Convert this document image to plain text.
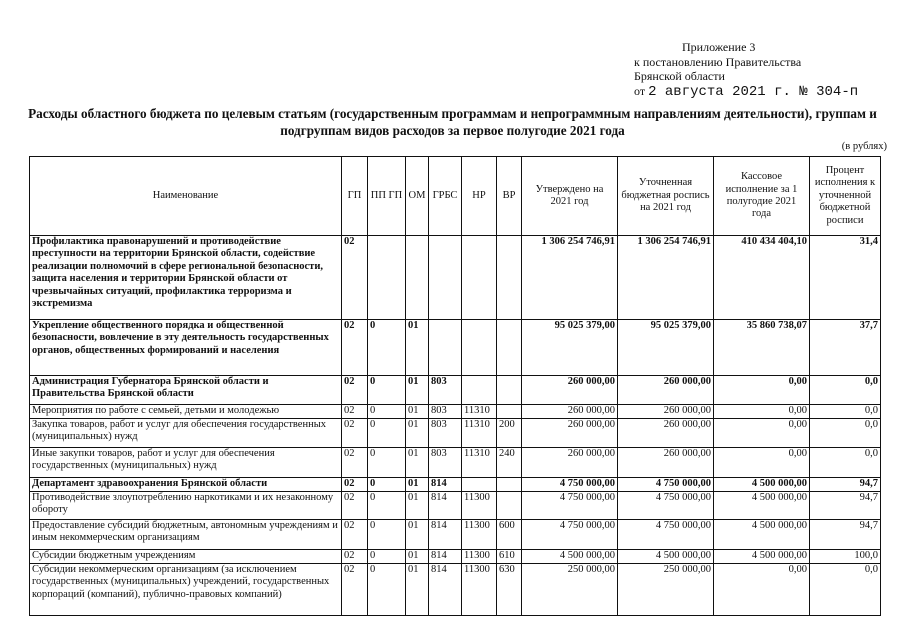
Приложение 3
к постановлению Правительства
Брянской области
от 2 августа 2021 г. № 304-п
Расходы областного бюджета по целевым статьям (государственным программам и непрограммным направлениям деятельности), группам и подгруппам видов расходов за первое полугодие 2021 года
(в рублях)
Наименование	ГП	ПП ГП	ОМ	ГРБС	НР	ВР	Утверждено на 2021 год	Уточненная бюджетная роспись на 2021 год	Кассовое исполнение за 1 полугодие 2021 года	Процент исполнения к уточненной бюджетной росписи
Профилактика правонарушений и противодействие преступности на территории Брянской области, содействие реализации полномочий в сфере региональной безопасности, защита населения и территории Брянской области от чрезвычайных ситуаций, профилактика терроризма и экстремизма	02						1 306 254 746,91	1 306 254 746,91	410 434 404,10	31,4
Укрепление общественного порядка и общественной безопасности, вовлечение в эту деятельность государственных органов, общественных формирований и населения	02	0	01				95 025 379,00	95 025 379,00	35 860 738,07	37,7
Администрация Губернатора Брянской области и Правительства Брянской области	02	0	01	803			260 000,00	260 000,00	0,00	0,0
Мероприятия по работе с семьей, детьми и молодежью	02	0	01	803	11310		260 000,00	260 000,00	0,00	0,0
Закупка товаров, работ и услуг для обеспечения государственных (муниципальных) нужд	02	0	01	803	11310	200	260 000,00	260 000,00	0,00	0,0
Иные закупки товаров, работ и услуг для обеспечения государственных (муниципальных) нужд	02	0	01	803	11310	240	260 000,00	260 000,00	0,00	0,0
Департамент здравоохранения Брянской области	02	0	01	814			4 750 000,00	4 750 000,00	4 500 000,00	94,7
Противодействие злоупотреблению наркотиками и их незаконному обороту	02	0	01	814	11300		4 750 000,00	4 750 000,00	4 500 000,00	94,7
Предоставление субсидий бюджетным, автономным учреждениям и иным некоммерческим организациям	02	0	01	814	11300	600	4 750 000,00	4 750 000,00	4 500 000,00	94,7
Субсидии бюджетным учреждениям	02	0	01	814	11300	610	4 500 000,00	4 500 000,00	4 500 000,00	100,0
Субсидии некоммерческим организациям (за исключением государственных (муниципальных) учреждений, государственных корпораций (компаний), публично-правовых компаний)	02	0	01	814	11300	630	250 000,00	250 000,00	0,00	0,0
